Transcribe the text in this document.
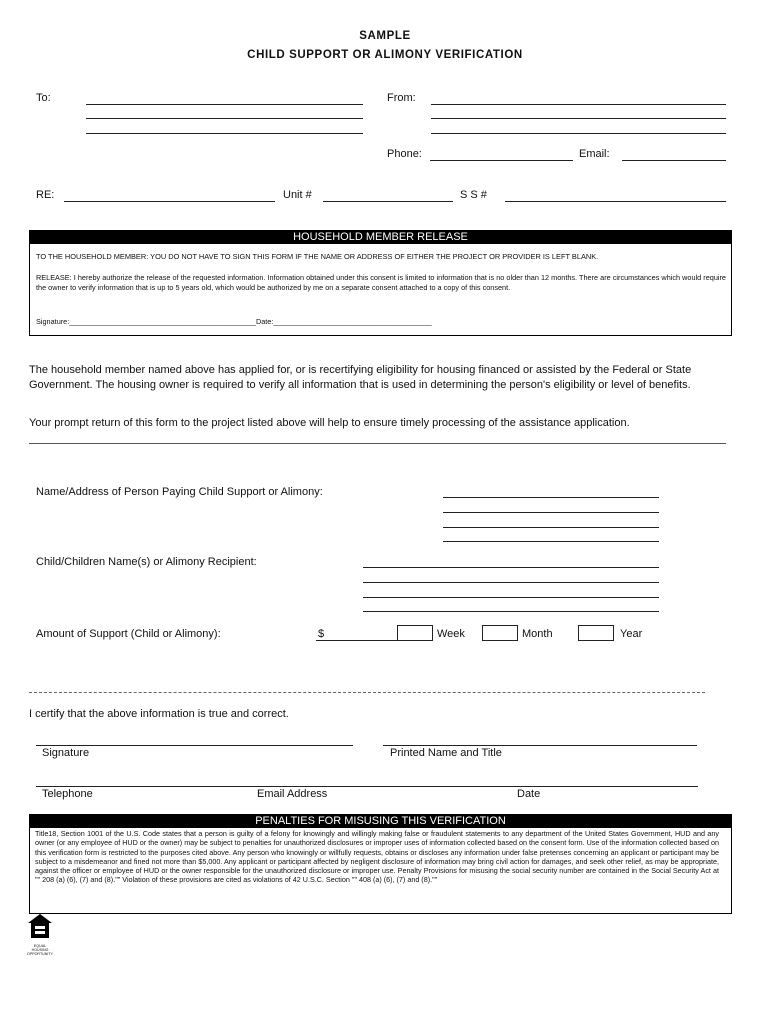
SAMPLE
CHILD SUPPORT OR ALIMONY VERIFICATION
To:	From:
Phone:	Email:
RE:	Unit #	S S #
HOUSEHOLD MEMBER RELEASE
TO THE HOUSEHOLD MEMBER: YOU DO NOT HAVE TO SIGN THIS FORM IF THE NAME OR ADDRESS OF EITHER THE PROJECT OR PROVIDER IS LEFT BLANK.
RELEASE: I hereby authorize the release of the requested information. Information obtained under this consent is limited to information that is no older than 12 months. There are circumstances which would require the owner to verify information that is up to 5 years old, which would be authorized by me on a separate consent attached to a copy of this consent.
Signature:______________________________________________Date:_______________________________________
The household member named above has applied for, or is recertifying eligibility for housing financed or assisted by the Federal or State Government. The housing owner is required to verify all information that is used in determining the person's eligibility or level of benefits.
Your prompt return of this form to the project listed above will help to ensure timely processing of the assistance application.
Name/Address of Person Paying Child Support or Alimony:
Child/Children Name(s) or Alimony Recipient:
Amount of Support (Child or Alimony):	$	Week	Month	Year
I certify that the above information is true and correct.
Signature	Printed Name and Title
Telephone	Email Address	Date
PENALTIES FOR MISUSING THIS VERIFICATION
Title18, Section 1001 of the U.S. Code states that a person is guilty of a felony for knowingly and willingly making false or fraudulent statements to any department of the United States Government, HUD and any owner (or any employee of HUD or the owner) may be subject to penalties for unauthorized disclosures or improper uses of information collected based on the consent form. Use of the information collected based on this verification form is restricted to the purposes cited above. Any person who knowingly or willfully requests, obtains or discloses any information under false pretenses concerning an applicant or participant may be subject to a misdemeanor and fined not more than $5,000. Any applicant or participant affected by negligent disclosure of information may bring civil action for damages, and seek other relief, as may be appropriate, against the officer or employee of HUD or the owner responsible for the unauthorized disclosure or improper use. Penalty Provisions for misusing the social security number are contained in the Social Security Act at "" 208 (a) (6), (7) and (8)."" Violation of these provisions are cited as violations of 42 U.S.C. Section "" 408 (a) (6), (7) and (8).""
EQUAL HOUSING OPPORTUNITY
